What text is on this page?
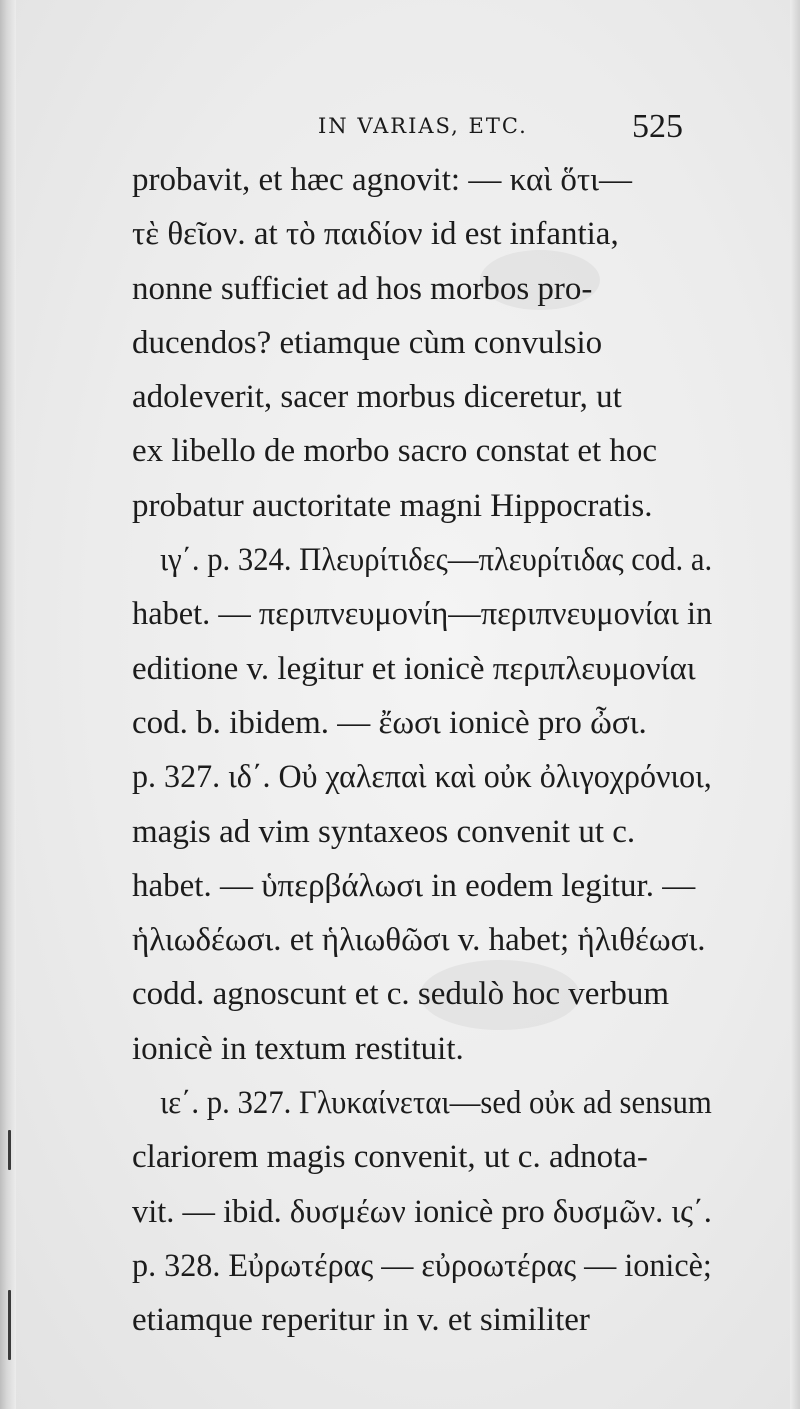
IN VARIAS, ETC.	525
probavit, et hæc agnovit: — καὶ ὅτι—
τὲ θεῖον. at τὸ παιδίον id est infantia,
nonne sufficiet ad hos morbos pro-
ducendos? etiamque cùm convulsio
adoleverit, sacer morbus diceretur, ut
ex libello de morbo sacro constat et hoc
probatur auctoritate magni Hippocratis.
ιγ΄. p. 324. Πλευρίτιδες—πλευρίτιδας cod. a.
habet. — περιπνευμονίη—περιπνευμονίαι in
editione v. legitur et ionicè περιπλευμονίαι
cod. b. ibidem. — ἔωσι ionicè pro ὦσι.
p. 327. ιδ΄. Οὐ χαλεπαὶ καὶ οὐκ ὀλιγοχρόνιοι,
magis ad vim syntaxeos convenit ut c.
habet. — ὑπερβάλωσι in eodem legitur. —
ἡλιωδέωσι. et ἡλιωθῶσι v. habet; ἡλιθέωσι.
codd. agnoscunt et c. sedulò hoc verbum
ionicè in textum restituit.
ιε΄. p. 327. Γλυκαίνεται—sed οὐκ ad sensum
clariorem magis convenit, ut c. adnota-
vit. — ibid. δυσμέων ionicè pro δυσμῶν. ις΄.
p. 328. Εὐρωτέρας — εὐροωτέρας — ionicè;
etiamque reperitur in v. et similiter
